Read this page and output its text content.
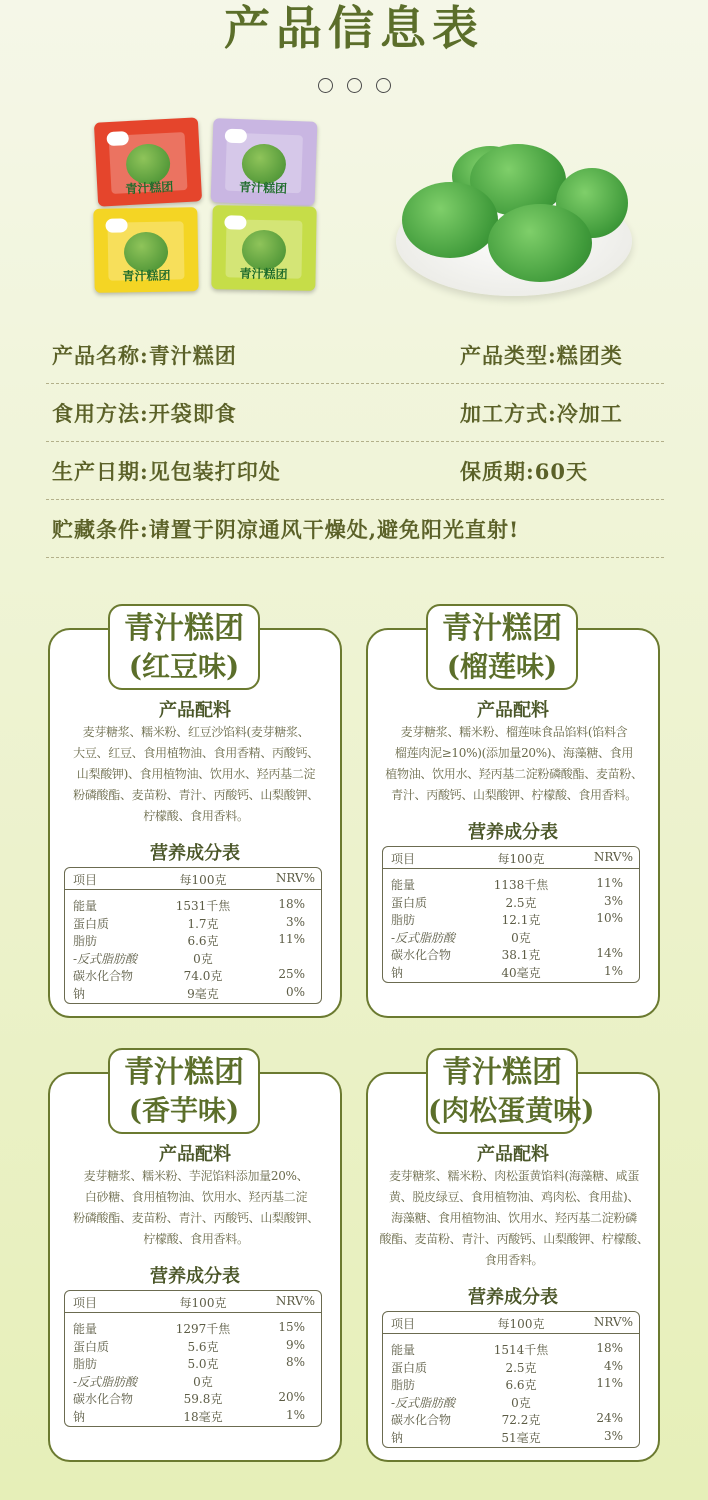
产品信息表
青汁糕团	青汁糕团
青汁糕团	青汁糕团
产品名称:青汁糕团	产品类型:糕团类
食用方法:开袋即食	加工方式:冷加工
生产日期:见包装打印处	保质期:60天
贮藏条件:请置于阴凉通风干燥处,避免阳光直射!
青汁糕团
(红豆味)
产品配料
麦芽糖浆、糯米粉、红豆沙馅料(麦芽糖浆、
大豆、红豆、食用植物油、食用香精、丙酸钙、
山梨酸钾)、食用植物油、饮用水、羟丙基二淀
粉磷酸酯、麦苗粉、青汁、丙酸钙、山梨酸钾、
柠檬酸、食用香料。
营养成分表
项目	每100克	NRV%
能量	1531千焦	18%
蛋白质	1.7克	3%
脂肪	6.6克	11%
-反式脂肪酸	0克
碳水化合物	74.0克	25%
钠	9毫克	0%
青汁糕团
(榴莲味)
产品配料
麦芽糖浆、糯米粉、榴莲味食品馅料(馅料含
榴莲肉泥≥10%)(添加量20%)、海藻糖、食用
植物油、饮用水、羟丙基二淀粉磷酸酯、麦苗粉、
青汁、丙酸钙、山梨酸钾、柠檬酸、食用香料。
营养成分表
项目	每100克	NRV%
能量	1138千焦	11%
蛋白质	2.5克	3%
脂肪	12.1克	10%
-反式脂肪酸	0克
碳水化合物	38.1克	14%
钠	40毫克	1%
青汁糕团
(香芋味)
产品配料
麦芽糖浆、糯米粉、芋泥馅料添加量20%、
白砂糖、食用植物油、饮用水、羟丙基二淀
粉磷酸酯、麦苗粉、青汁、丙酸钙、山梨酸钾、
柠檬酸、食用香料。
营养成分表
项目	每100克	NRV%
能量	1297千焦	15%
蛋白质	5.6克	9%
脂肪	5.0克	8%
-反式脂肪酸	0克
碳水化合物	59.8克	20%
钠	18毫克	1%
青汁糕团
(肉松蛋黄味)
产品配料
麦芽糖浆、糯米粉、肉松蛋黄馅料(海藻糖、咸蛋
黄、脱皮绿豆、食用植物油、鸡肉松、食用盐)、
海藻糖、食用植物油、饮用水、羟丙基二淀粉磷
酸酯、麦苗粉、青汁、丙酸钙、山梨酸钾、柠檬酸、
食用香料。
营养成分表
项目	每100克	NRV%
能量	1514千焦	18%
蛋白质	2.5克	4%
脂肪	6.6克	11%
-反式脂肪酸	0克
碳水化合物	72.2克	24%
钠	51毫克	3%
